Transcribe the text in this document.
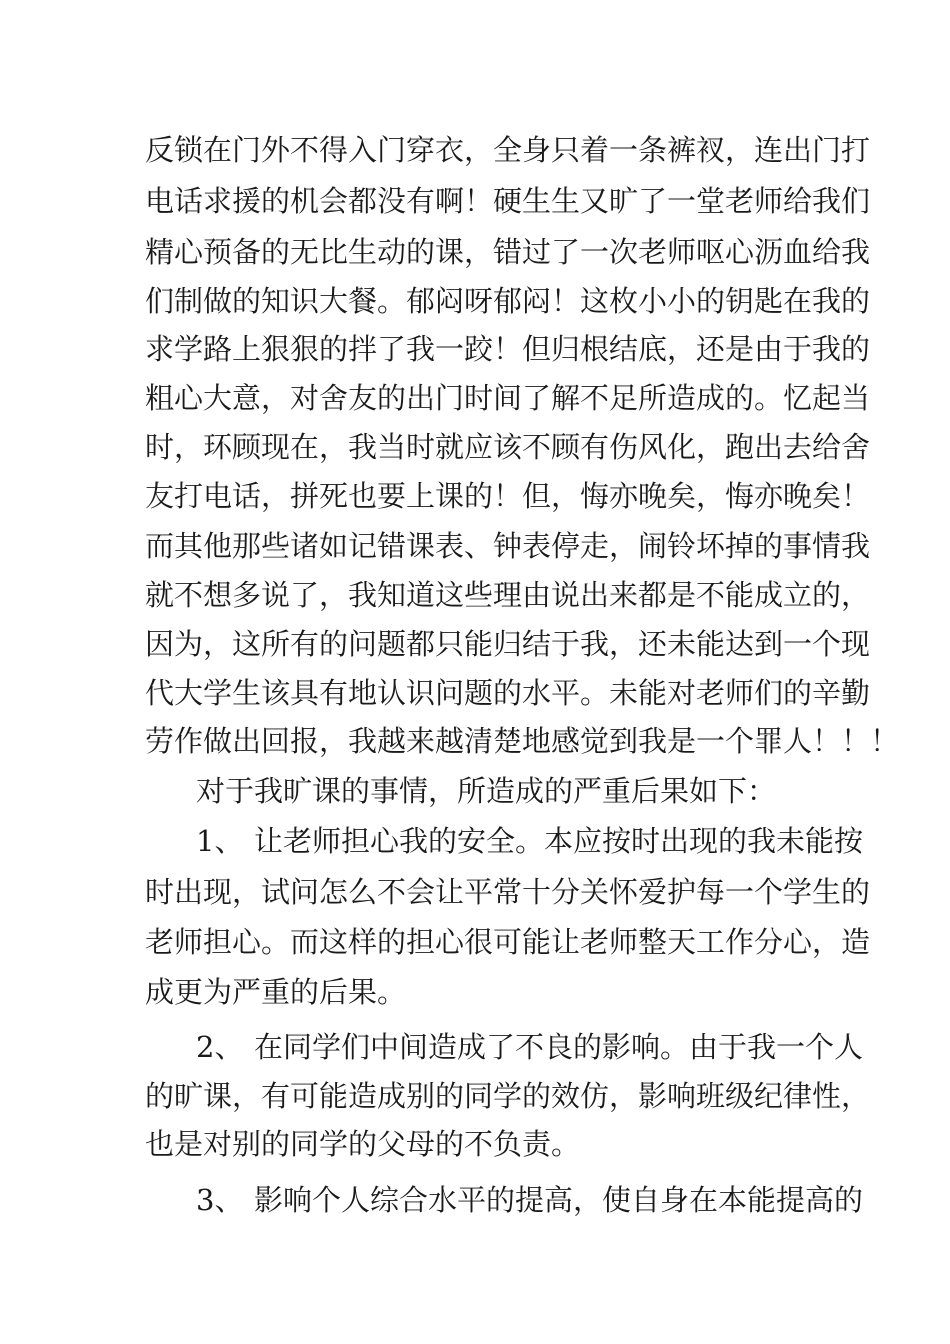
反锁在门外不得入门穿衣，全身只着一条裤衩，连出门打
电话求援的机会都没有啊！硬生生又旷了一堂老师给我们
精心预备的无比生动的课，错过了一次老师呕心沥血给我
们制做的知识大餐。郁闷呀郁闷！这枚小小的钥匙在我的
求学路上狠狠的拌了我一跤！但归根结底，还是由于我的
粗心大意，对舍友的出门时间了解不足所造成的。忆起当
时，环顾现在，我当时就应该不顾有伤风化，跑出去给舍
友打电话，拼死也要上课的！但，悔亦晚矣，悔亦晚矣！
而其他那些诸如记错课表、钟表停走，闹铃坏掉的事情我
就不想多说了，我知道这些理由说出来都是不能成立的，
因为，这所有的问题都只能归结于我，还未能达到一个现
代大学生该具有地认识问题的水平。未能对老师们的辛勤
劳作做出回报，我越来越清楚地感觉到我是一个罪人！！！
对于我旷课的事情，所造成的严重后果如下：
1、 让老师担心我的安全。本应按时出现的我未能按
时出现，试问怎么不会让平常十分关怀爱护每一个学生的
老师担心。而这样的担心很可能让老师整天工作分心，造
成更为严重的后果。
2、 在同学们中间造成了不良的影响。由于我一个人
的旷课，有可能造成别的同学的效仿，影响班级纪律性，
也是对别的同学的父母的不负责。
3、 影响个人综合水平的提高，使自身在本能提高的
